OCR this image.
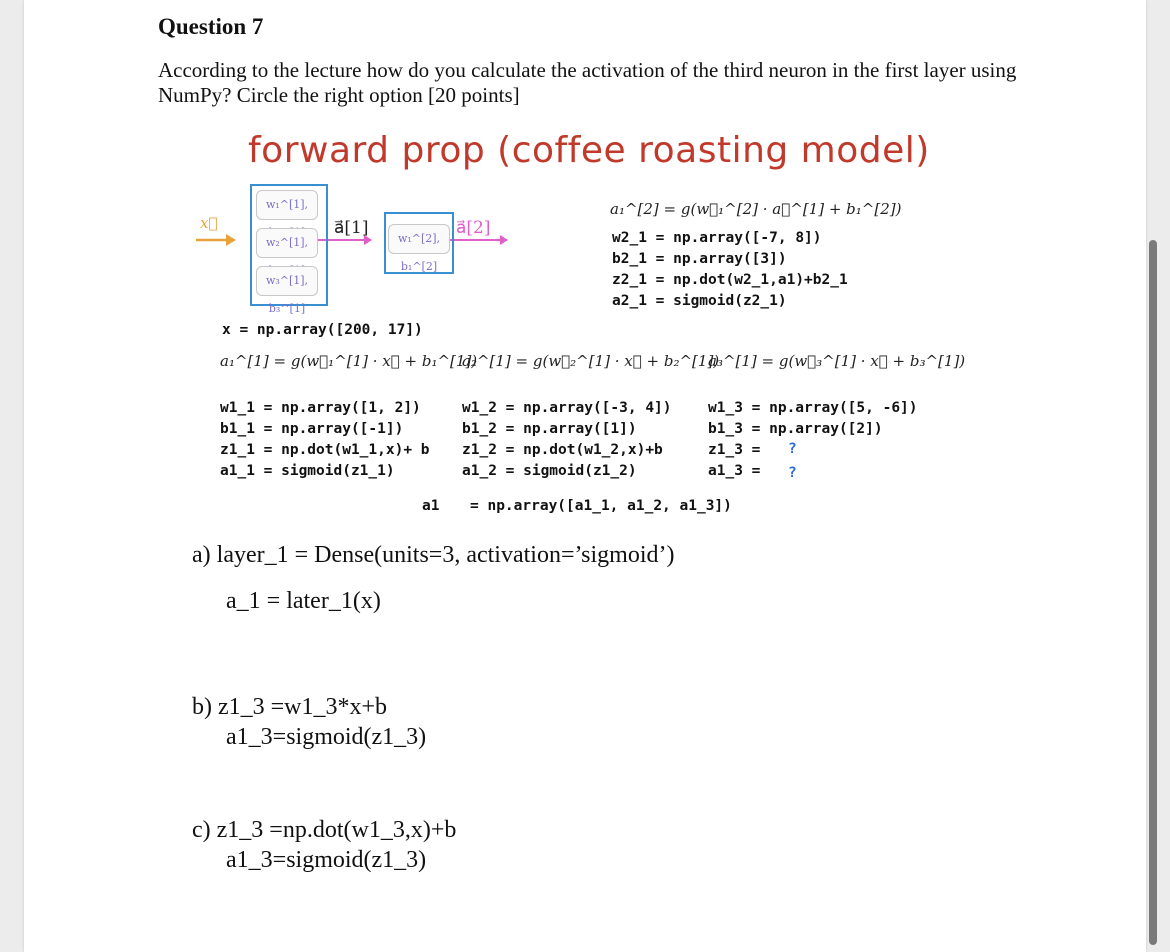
Question 7
According to the lecture how do you calculate the activation of the third neuron in the first layer using NumPy? Circle the right option [20 points]
forward prop (coffee roasting model)
x⃗
w₁^[1],
w₂^[1],
w₃^[1], b₃^[1]
a⃗[1]
w₁^[2], b₁^[2]
a⃗[2]
a₁^[2] = g(w⃗₁^[2] · a⃗^[1] + b₁^[2])
w2_1 = np.array([-7, 8])
b2_1 = np.array([3])
z2_1 = np.dot(w2_1,a1)+b2_1
a2_1 = sigmoid(z2_1)
x = np.array([200, 17])
a₁^[1] = g(w⃗₁^[1] · x⃗ + b₁^[1])
a₂^[1] = g(w⃗₂^[1] · x⃗ + b₂^[1])
a₃^[1] = g(w⃗₃^[1] · x⃗ + b₃^[1])
w1_1 = np.array([1, 2])
b1_1 = np.array([-1])
z1_1 = np.dot(w1_1,x)+ b
a1_1 = sigmoid(z1_1)
w1_2 = np.array([-3, 4])
b1_2 = np.array([1])
z1_2 = np.dot(w1_2,x)+b
a1_2 = sigmoid(z1_2)
w1_3 = np.array([5, -6])
b1_3 = np.array([2])
z1_3 =
a1_3 =
?
?
a1 = np.array([a1_1, a1_2, a1_3])
a) layer_1 = Dense(units=3, activation=’sigmoid’)
a_1 = later_1(x)
b) z1_3 =w1_3*x+b
a1_3=sigmoid(z1_3)
c) z1_3 =np.dot(w1_3,x)+b
a1_3=sigmoid(z1_3)
